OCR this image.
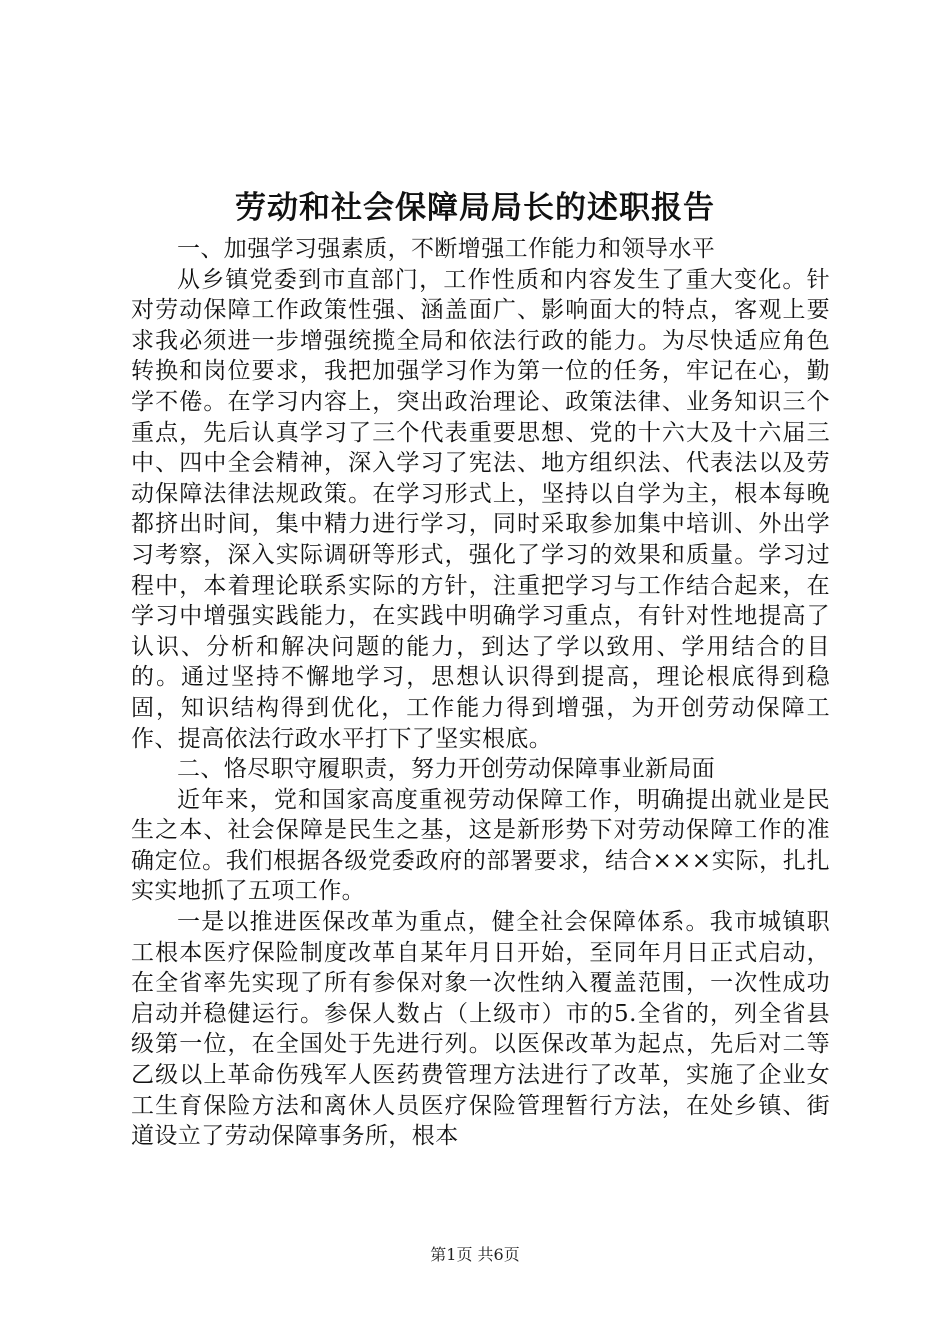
劳动和社会保障局局长的述职报告

一、加强学习强素质，不断增强工作能力和领导水平

从乡镇党委到市直部门，工作性质和内容发生了重大变化。针对劳动保障工作政策性强、涵盖面广、影响面大的特点，客观上要求我必须进一步增强统揽全局和依法行政的能力。为尽快适应角色转换和岗位要求，我把加强学习作为第一位的任务，牢记在心，勤学不倦。在学习内容上，突出政治理论、政策法律、业务知识三个重点，先后认真学习了三个代表重要思想、党的十六大及十六届三中、四中全会精神，深入学习了宪法、地方组织法、代表法以及劳动保障法律法规政策。在学习形式上，坚持以自学为主，根本每晚都挤出时间，集中精力进行学习，同时采取参加集中培训、外出学习考察，深入实际调研等形式，强化了学习的效果和质量。学习过程中，本着理论联系实际的方针，注重把学习与工作结合起来，在学习中增强实践能力，在实践中明确学习重点，有针对性地提高了认识、分析和解决问题的能力，到达了学以致用、学用结合的目的。通过坚持不懈地学习，思想认识得到提高，理论根底得到稳固，知识结构得到优化，工作能力得到增强，为开创劳动保障工作、提高依法行政水平打下了坚实根底。

二、恪尽职守履职责，努力开创劳动保障事业新局面

近年来，党和国家高度重视劳动保障工作，明确提出就业是民生之本、社会保障是民生之基，这是新形势下对劳动保障工作的准确定位。我们根据各级党委政府的部署要求，结合×××实际，扎扎实实地抓了五项工作。

一是以推进医保改革为重点，健全社会保障体系。我市城镇职工根本医疗保险制度改革自某年月日开始，至同年月日正式启动，在全省率先实现了所有参保对象一次性纳入覆盖范围，一次性成功启动并稳健运行。参保人数占（上级市）市的5.全省的，列全省县级第一位，在全国处于先进行列。以医保改革为起点，先后对二等乙级以上革命伤残军人医药费管理方法进行了改革，实施了企业女工生育保险方法和离休人员医疗保险管理暂行方法，在处乡镇、街道设立了劳动保障事务所，根本

第1页 共6页
